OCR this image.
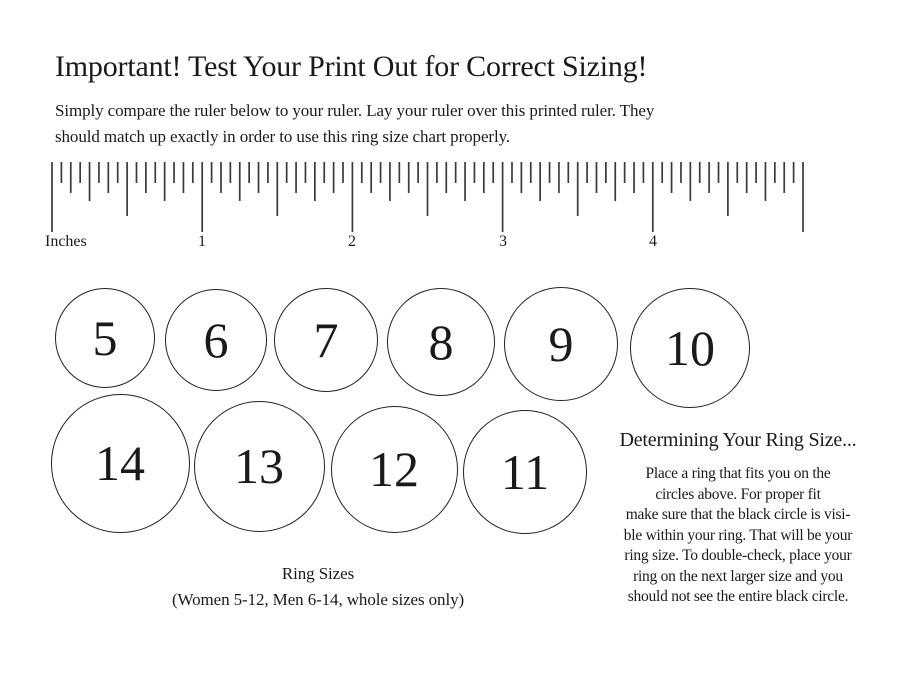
Important! Test Your Print Out for Correct Sizing!
Simply compare the ruler below to your ruler. Lay your ruler over this printed ruler. They
should match up exactly in order to use this ring size chart properly.
Inches	1	2	3	4
5 6 7 8 9 10
14 13 12 11
Ring Sizes
(Women 5-12, Men 6-14, whole sizes only)
Determining Your Ring Size...
Place a ring that fits you on the
circles above. For proper fit
make sure that the black circle is visi-
ble within your ring. That will be your
ring size. To double-check, place your
ring on the next larger size and you
should not see the entire black circle.
